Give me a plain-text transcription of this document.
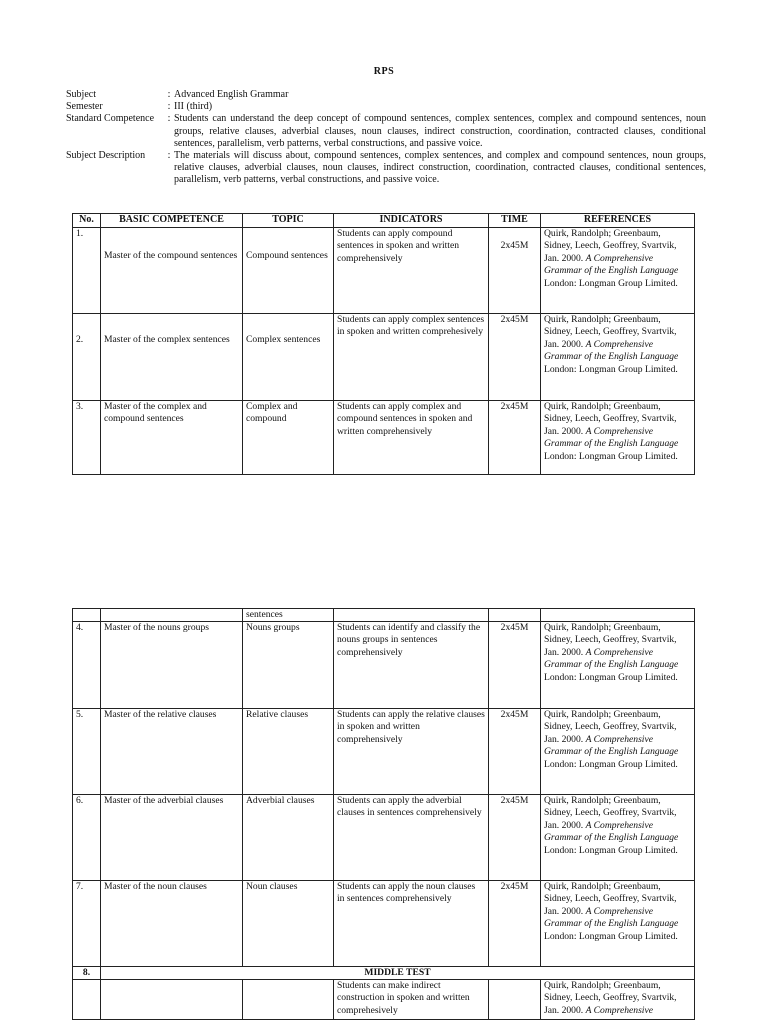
RPS
Subject	: Advanced English Grammar
Semester	: III (third)
Standard Competence	: Students can understand the deep concept of compound sentences, complex sentences, complex and compound sentences, noun groups, relative clauses, adverbial clauses, noun clauses, indirect construction, coordination, contracted clauses, conditional sentences, parallelism, verb patterns, verbal constructions, and passive voice.
Subject Description	: The materials will discuss about, compound sentences, complex sentences, and complex and compound sentences, noun groups, relative clauses, adverbial clauses, noun clauses, indirect construction, coordination, contracted clauses, conditional sentences, parallelism, verb patterns, verbal constructions, and passive voice.
No.	BASIC COMPETENCE	TOPIC	INDICATORS	TIME	REFERENCES
1.	Master of the compound sentences	Compound sentences	Students can apply compound sentences in spoken and written comprehensively	2x45M	Quirk, Randolph; Greenbaum, Sidney, Leech, Geoffrey, Svartvik, Jan. 2000. A Comprehensive Grammar of the English Language London: Longman Group Limited.
2.	Master of the complex sentences	Complex sentences	Students can apply complex sentences in spoken and written comprehesively	2x45M	Quirk, Randolph; Greenbaum, Sidney, Leech, Geoffrey, Svartvik, Jan. 2000. A Comprehensive Grammar of the English Language London: Longman Group Limited.
3.	Master of the complex and compound sentences	Complex and compound	Students can apply complex and compound sentences in spoken and written comprehensively	2x45M	Quirk, Randolph; Greenbaum, Sidney, Leech, Geoffrey, Svartvik, Jan. 2000. A Comprehensive Grammar of the English Language London: Longman Group Limited.
		sentences			
4.	Master of the nouns groups	Nouns groups	Students can identify and classify the nouns groups in sentences comprehensively	2x45M	Quirk, Randolph; Greenbaum, Sidney, Leech, Geoffrey, Svartvik, Jan. 2000. A Comprehensive Grammar of the English Language London: Longman Group Limited.
5.	Master of the relative clauses	Relative clauses	Students can apply the relative clauses in spoken and written comprehensively	2x45M	Quirk, Randolph; Greenbaum, Sidney, Leech, Geoffrey, Svartvik, Jan. 2000. A Comprehensive Grammar of the English Language London: Longman Group Limited.
6.	Master of the adverbial clauses	Adverbial clauses	Students can apply the adverbial clauses in sentences comprehensively	2x45M	Quirk, Randolph; Greenbaum, Sidney, Leech, Geoffrey, Svartvik, Jan. 2000. A Comprehensive Grammar of the English Language London: Longman Group Limited.
7.	Master of the noun clauses	Noun clauses	Students can apply the noun clauses in sentences comprehensively	2x45M	Quirk, Randolph; Greenbaum, Sidney, Leech, Geoffrey, Svartvik, Jan. 2000. A Comprehensive Grammar of the English Language London: Longman Group Limited.
8.	MIDDLE TEST				
			Students can make indirect construction in spoken and written comprehesively		Quirk, Randolph; Greenbaum, Sidney, Leech, Geoffrey, Svartvik, Jan. 2000. A Comprehensive
